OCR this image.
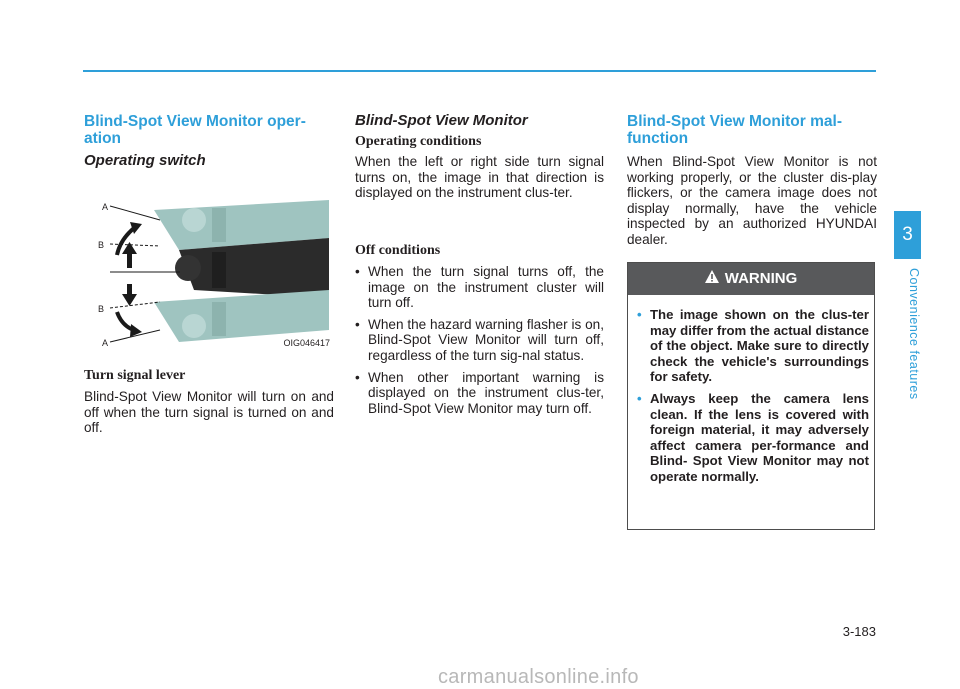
Blind-Spot View Monitor oper-
ation
Operating switch
A
B
B
A	OIG046417
Turn signal lever

Blind-Spot View Monitor will turn on and off when the turn signal is turned on and off.

Blind-Spot View Monitor
Operating conditions

When the left or right side turn signal turns on, the image in that direction is displayed on the instrument clus-ter.

Off conditions
• When the turn signal turns off, the image on the instrument cluster will turn off.
• When the hazard warning flasher is on, Blind-Spot View Monitor will turn off, regardless of the turn sig-nal status.
• When other important warning is displayed on the instrument clus-ter, Blind-Spot View Monitor may turn off.
Blind-Spot View Monitor mal-
function

When Blind-Spot View Monitor is not working properly, or the cluster dis-play flickers, or the camera image does not display normally, have the vehicle inspected by an authorized HYUNDAI dealer.

WARNING
• The image shown on the clus-ter may differ from the actual distance of the object. Make sure to directly check the vehicle's surroundings for safety.
• Always keep the camera lens clean. If the lens is covered with foreign material, it may adversely affect camera per-formance and Blind- Spot View Monitor may not operate normally.
3
Convenience features
3-183
carmanualsonline.info
